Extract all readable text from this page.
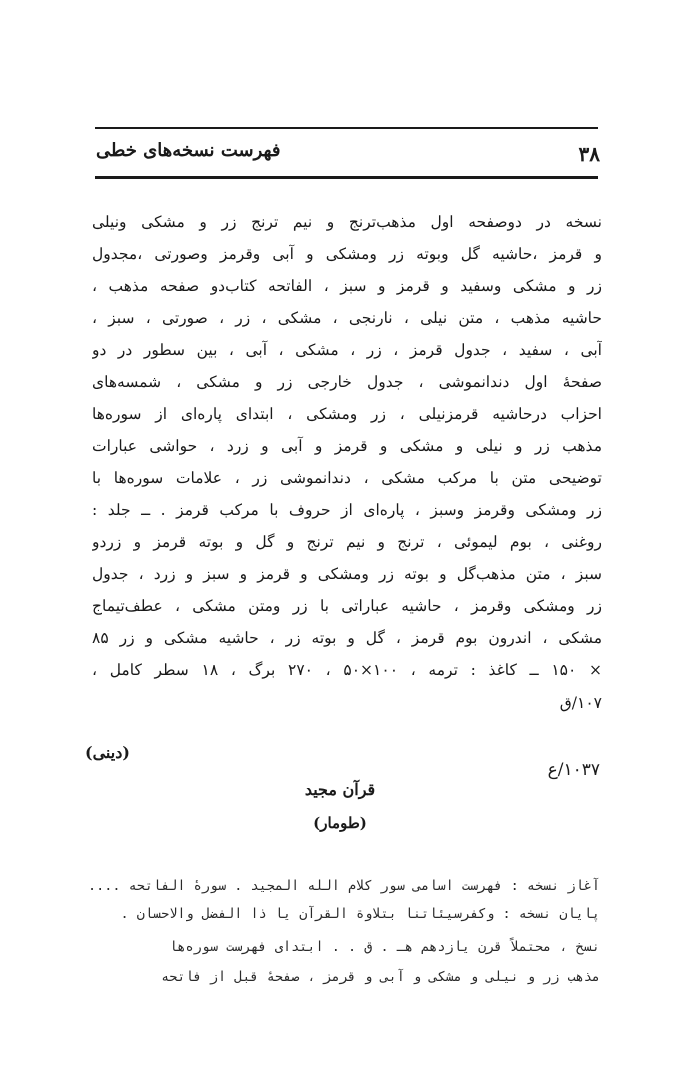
۳۸
فهرست نسخه‌های خطی
نسخه در دوصفحه اول مذهب‌ترنج و نیم ترنج زر و مشکی ونیلی
و قرمز ،حاشیه گل وبوته زر ومشکی و آبی وقرمز وصورتی ،مجدول
زر و مشکی وسفید و قرمز و سبز ، الفاتحه کتاب‌دو صفحه مذهب ،
حاشیه مذهب ، متن نیلی ، نارنجی ، مشکی ، زر ، صورتی ، سبز ،
آبی ، سفید ، جدول قرمز ، زر ، مشکی ، آبی ، بین سطور در دو
صفحه‌ٔ اول دندانموشی ، جدول خارجی زر و مشکی ، شمسه‌های
احزاب درحاشیه قرمزنیلی ، زر ومشکی ، ابتدای پاره‌ای از سوره‌ها
مذهب زر و نیلی و مشکی و قرمز و آبی و زرد ، حواشی عبارات
توضیحی متن با مرکب مشکی ، دندانموشی زر ، علامات سوره‌ها با
زر ومشکی وقرمز وسبز ، پاره‌ای از حروف با مرکب قرمز . ــ جلد :
روغنی ، بوم لیموئی ، ترنج و نیم ترنج و گل و بوته قرمز و زردو
سبز ، متن مذهب‌گل و بوته زر ومشکی و قرمز و سبز و زرد ، جدول
زر ومشکی وقرمز ، حاشیه عباراتی با زر ومتن مشکی ، عطف‌تیماج
مشکی ، اندرون بوم قرمز ، گل و بوته زر ، حاشیه مشکی و زر ۸۵
× ۱۵۰ ــ کاغذ : ترمه ، ۱۰۰×۵۰ ، ۲۷۰ برگ ، ۱۸ سطر کامل ،
۱۰۷/ق
۱۰۳۷/ع
(دینی)
قرآن مجید
(طومار)
آغاز نسخه : فهرست اسامی سور کلام الله المجید . سوره‌ٔ الفاتحه ....
پایان نسخه : وکفرسیئاتنا بتلاوة القرآن یا ذا الفضل والاحسان .
نسخ ، محتملاً قرن یازدهم هـ . ق . . ابتدای فهرست سوره‌ها
مذهب زر و نیلی و مشکی و آبی و قرمز ، صفحه‌ٔ قبل از فاتحه
